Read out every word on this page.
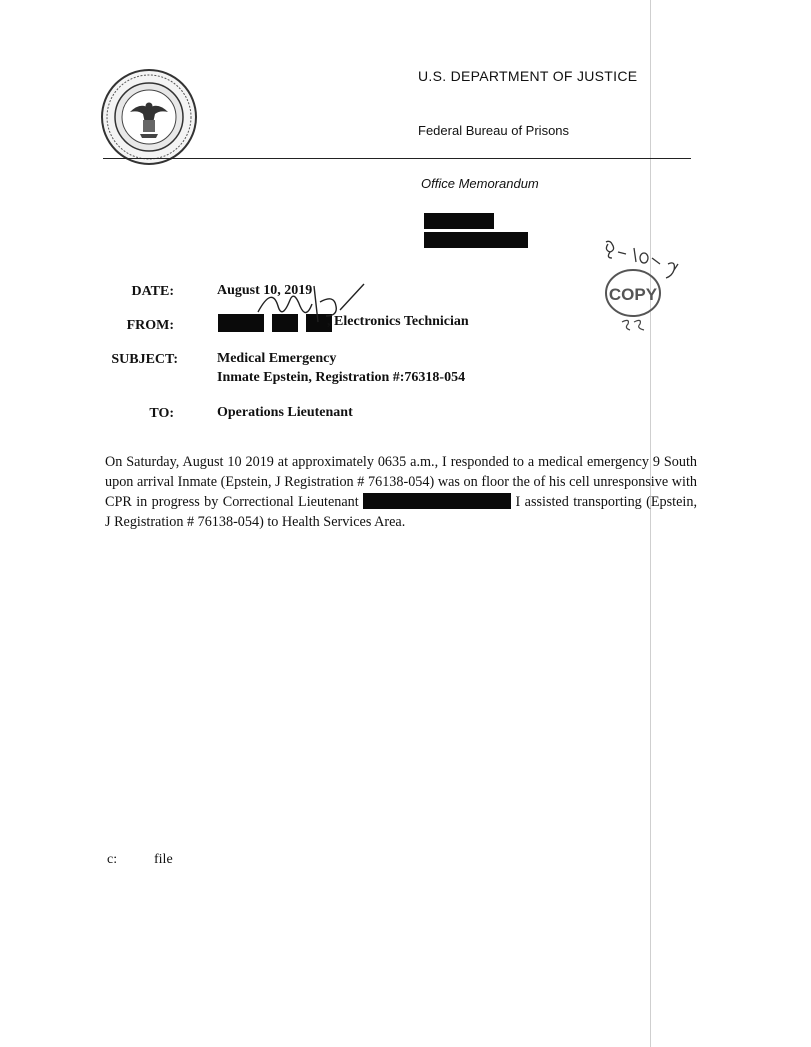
U.S. DEPARTMENT OF JUSTICE
Federal Bureau of Prisons
Office Memorandum
COPY
DATE:	August 10, 2019
FROM:	, Electronics Technician
SUBJECT:	Medical Emergency
Inmate Epstein, Registration #:76318-054
TO:	Operations Lieutenant
On Saturday, August 10 2019 at approximately 0635 a.m., I responded to a medical emergency 9 South upon arrival Inmate (Epstein, J Registration # 76138-054) was on floor the of his cell unresponsive with CPR in progress by Correctional Lieutenant	I assisted transporting (Epstein, J Registration # 76138-054) to Health Services Area.
c:	file
